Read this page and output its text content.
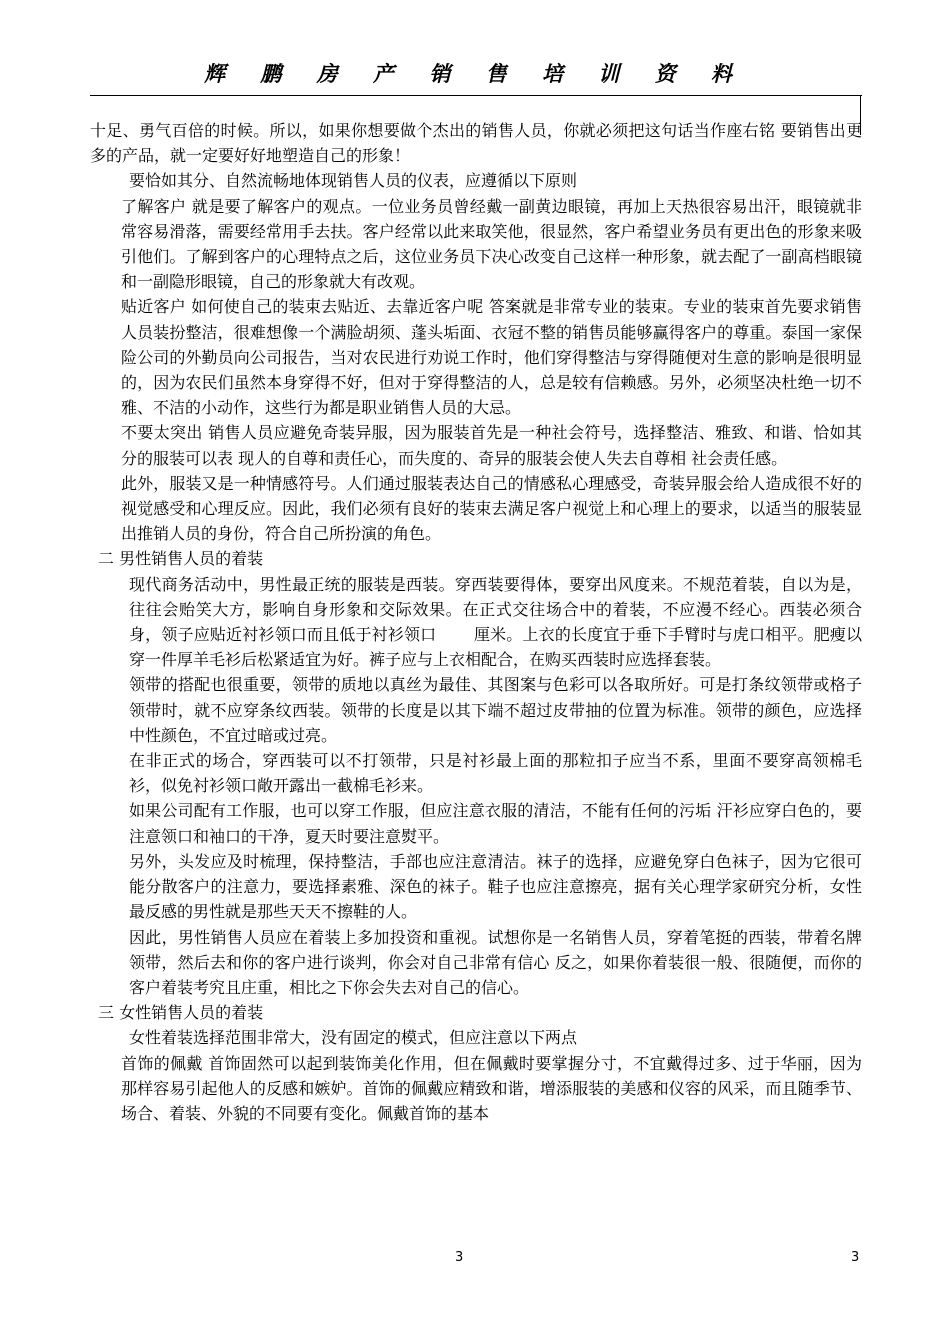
辉 鹏 房 产 销 售 培 训 资 料

十足、勇气百倍的时候。所以，如果你想要做个杰出的销售人员，你就必须把这句话当作座右铭 要销售出更多的产品，就一定要好好地塑造自己的形象！

要恰如其分、自然流畅地体现销售人员的仪表，应遵循以下原则

了解客户 就是要了解客户的观点。一位业务员曾经戴一副黄边眼镜，再加上天热很容易出汗，眼镜就非常容易滑落，需要经常用手去扶。客户经常以此来取笑他，很显然，客户希望业务员有更出色的形象来吸引他们。了解到客户的心理特点之后，这位业务员下决心改变自己这样一种形象，就去配了一副高档眼镜和一副隐形眼镜，自己的形象就大有改观。

贴近客户 如何使自己的装束去贴近、去靠近客户呢 答案就是非常专业的装束。专业的装束首先要求销售人员装扮整洁，很难想像一个满脸胡须、蓬头垢面、衣冠不整的销售员能够赢得客户的尊重。泰国一家保险公司的外勤员向公司报告，当对农民进行劝说工作时，他们穿得整洁与穿得随便对生意的影响是很明显的，因为农民们虽然本身穿得不好，但对于穿得整洁的人，总是较有信赖感。另外，必须坚决杜绝一切不雅、不洁的小动作，这些行为都是职业销售人员的大忌。

不要太突出 销售人员应避免奇装异服，因为服装首先是一种社会符号，选择整洁、雅致、和谐、恰如其分的服装可以表 现人的自尊和责任心，而失度的、奇异的服装会使人失去自尊相 社会责任感。

此外，服装又是一种情感符号。人们通过服装表达自己的情感私心理感受，奇装异服会给人造成很不好的视觉感受和心理反应。因此，我们必须有良好的装束去满足客户视觉上和心理上的要求，以适当的服装显出推销人员的身份，符合自己所扮演的角色。

二 男性销售人员的着装

现代商务活动中，男性最正统的服装是西装。穿西装要得体，要穿出风度来。不规范着装，自以为是，往往会贻笑大方，影响自身形象和交际效果。在正式交往场合中的着装，不应漫不经心。西装必须合身，领子应贴近衬衫领口而且低于衬衫领口　　 厘米。上衣的长度宜于垂下手臂时与虎口相平。肥瘦以穿一件厚羊毛衫后松紧适宜为好。裤子应与上衣相配合，在购买西装时应选择套装。

领带的搭配也很重要，领带的质地以真丝为最佳、其图案与色彩可以各取所好。可是打条纹领带或格子领带时，就不应穿条纹西装。领带的长度是以其下端不超过皮带抽的位置为标准。领带的颜色，应选择中性颜色，不宜过暗或过亮。

在非正式的场合，穿西装可以不打领带，只是衬衫最上面的那粒扣子应当不系，里面不要穿高领棉毛衫，似免衬衫领口敞开露出一截棉毛衫来。

如果公司配有工作服，也可以穿工作服，但应注意衣服的清洁，不能有任何的污垢 汗衫应穿白色的，要注意领口和袖口的干净，夏天时要注意熨平。

另外，头发应及时梳理，保持整洁，手部也应注意清洁。袜子的选择，应避免穿白色袜子，因为它很可能分散客户的注意力，要选择素雅、深色的袜子。鞋子也应注意擦亮，据有关心理学家研究分析，女性最反感的男性就是那些天天不擦鞋的人。

因此，男性销售人员应在着装上多加投资和重视。试想你是一名销售人员，穿着笔挺的西装，带着名牌领带，然后去和你的客户进行谈判，你会对自己非常有信心 反之，如果你着装很一般、很随便，而你的客户着装考究且庄重，相比之下你会失去对自己的信心。

三 女性销售人员的着装

女性着装选择范围非常大，没有固定的模式，但应注意以下两点

首饰的佩戴 首饰固然可以起到装饰美化作用，但在佩戴时要掌握分寸，不宜戴得过多、过于华丽，因为那样容易引起他人的反感和嫉妒。首饰的佩戴应精致和谐，增添服装的美感和仪容的风采，而且随季节、场合、着装、外貌的不同要有变化。佩戴首饰的基本

3	3
